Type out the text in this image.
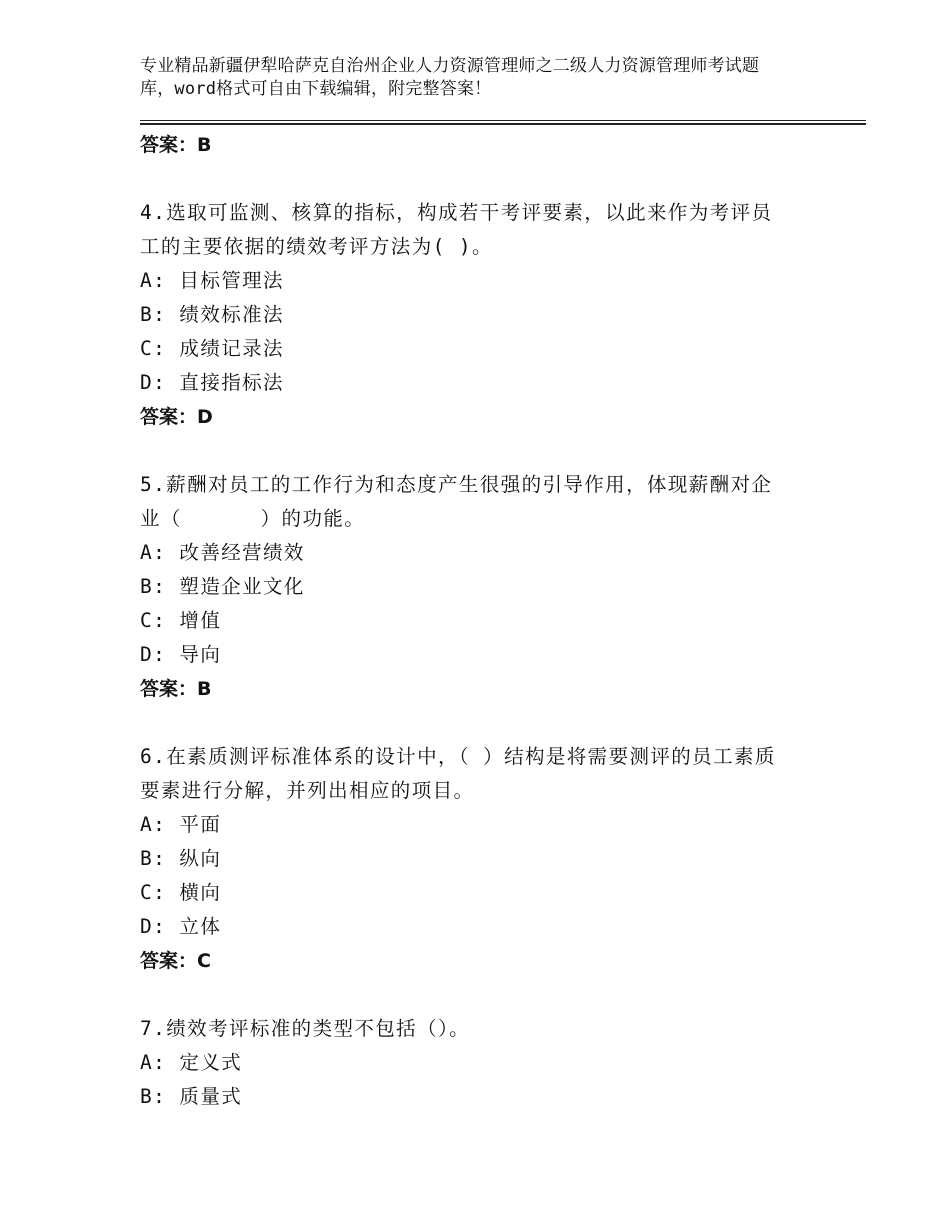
专业精品新疆伊犁哈萨克自治州企业人力资源管理师之二级人力资源管理师考试题
库，word格式可自由下载编辑，附完整答案！
答案：B
4.选取可监测、核算的指标，构成若干考评要素，以此来作为考评员
工的主要依据的绩效考评方法为( )。
A: 目标管理法
B: 绩效标准法
C: 成绩记录法
D: 直接指标法
答案：D
5.薪酬对员工的工作行为和态度产生很强的引导作用，体现薪酬对企
业（      ）的功能。
A: 改善经营绩效
B: 塑造企业文化
C: 增值
D: 导向
答案：B
6.在素质测评标准体系的设计中，（ ）结构是将需要测评的员工素质
要素进行分解，并列出相应的项目。
A: 平面
B: 纵向
C: 横向
D: 立体
答案：C
7.绩效考评标准的类型不包括（）。
A: 定义式
B: 质量式
